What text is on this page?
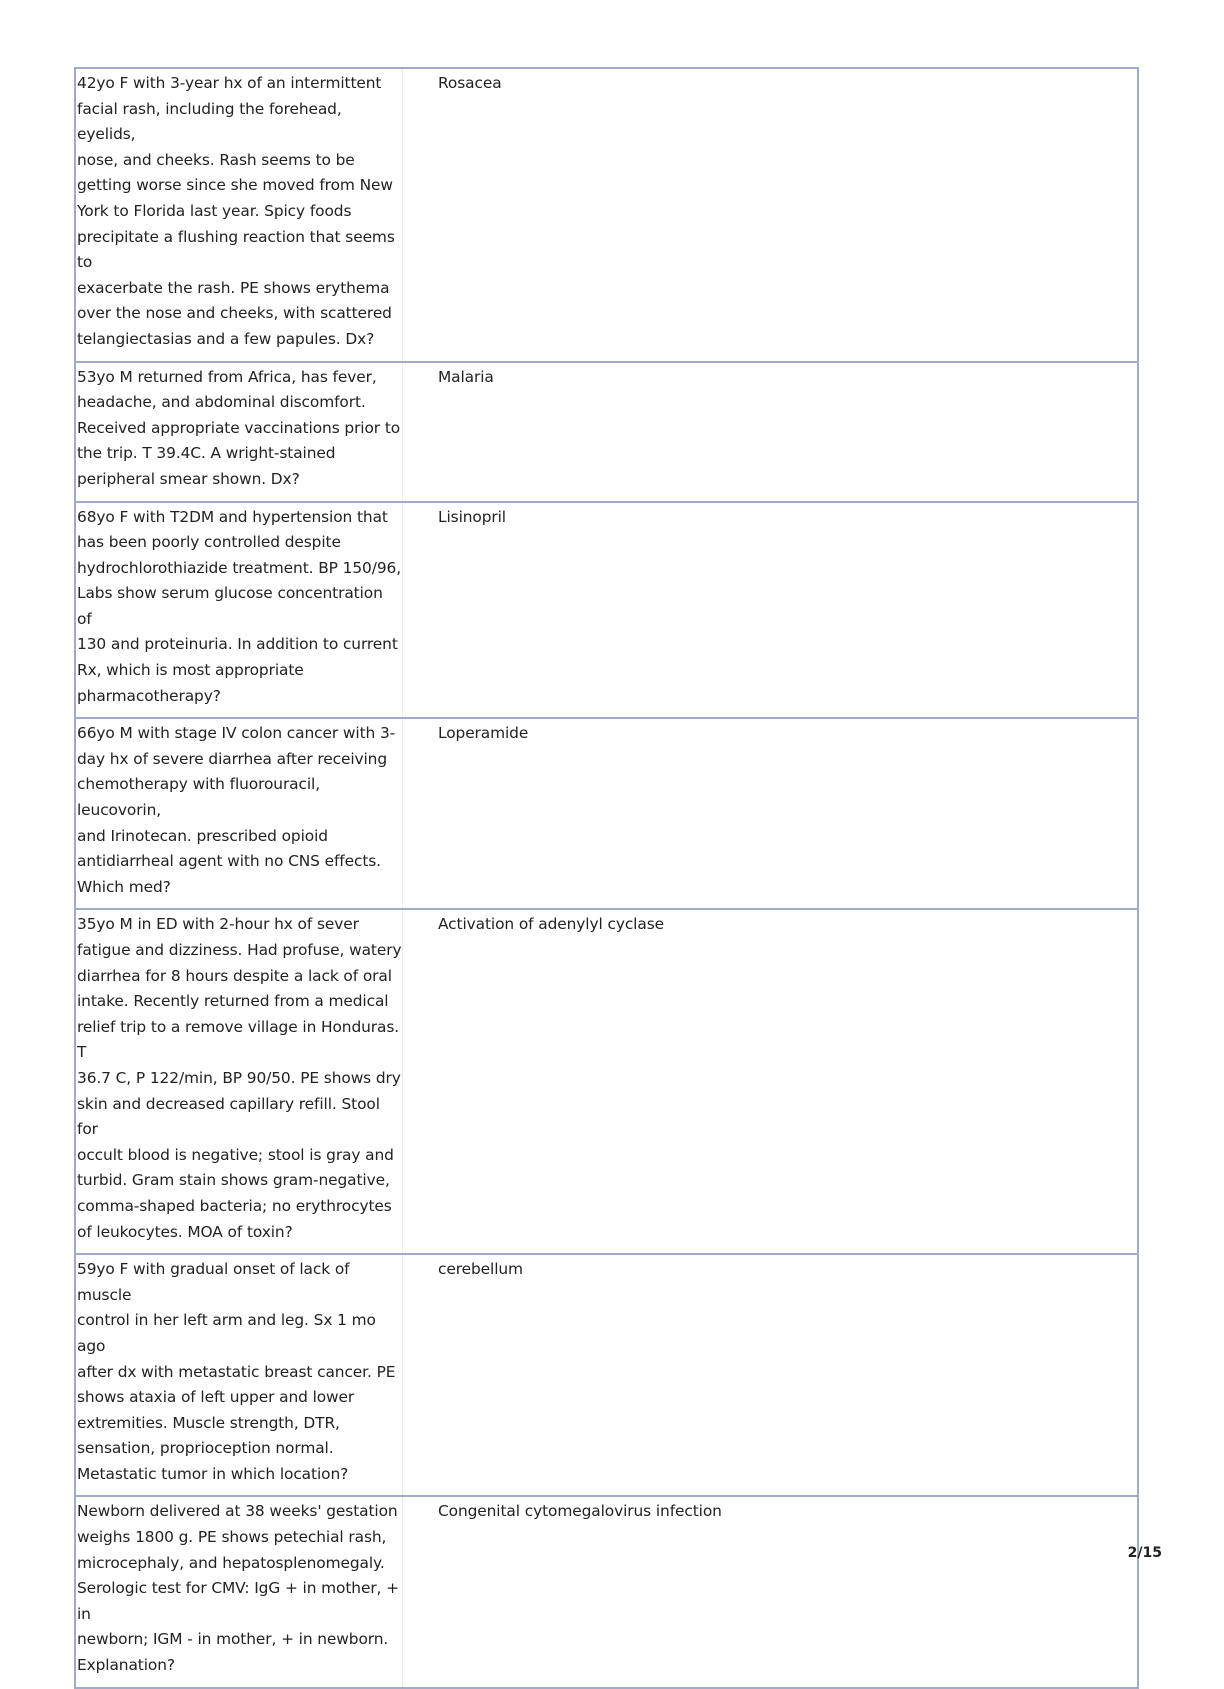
42yo F with 3-year hx of an intermittent
facial rash, including the forehead, eyelids,
nose, and cheeks. Rash seems to be
getting worse since she moved from New
York to Florida last year. Spicy foods
precipitate a flushing reaction that seems to
exacerbate the rash. PE shows erythema
over the nose and cheeks, with scattered
telangiectasias and a few papules. Dx?
Rosacea
53yo M returned from Africa, has fever,
headache, and abdominal discomfort.
Received appropriate vaccinations prior to
the trip. T 39.4C. A wright-stained
peripheral smear shown. Dx?
Malaria
68yo F with T2DM and hypertension that
has been poorly controlled despite
hydrochlorothiazide treatment. BP 150/96,
Labs show serum glucose concentration of
130 and proteinuria. In addition to current
Rx, which is most appropriate
pharmacotherapy?
Lisinopril
66yo M with stage IV colon cancer with 3-
day hx of severe diarrhea after receiving
chemotherapy with fluorouracil, leucovorin,
and Irinotecan. prescribed opioid
antidiarrheal agent with no CNS effects.
Which med?
Loperamide
35yo M in ED with 2-hour hx of sever
fatigue and dizziness. Had profuse, watery
diarrhea for 8 hours despite a lack of oral
intake. Recently returned from a medical
relief trip to a remove village in Honduras. T
36.7 C, P 122/min, BP 90/50. PE shows dry
skin and decreased capillary refill. Stool for
occult blood is negative; stool is gray and
turbid. Gram stain shows gram-negative,
comma-shaped bacteria; no erythrocytes
of leukocytes. MOA of toxin?
Activation of adenylyl cyclase
59yo F with gradual onset of lack of muscle
control in her left arm and leg. Sx 1 mo ago
after dx with metastatic breast cancer. PE
shows ataxia of left upper and lower
extremities. Muscle strength, DTR,
sensation, proprioception normal.
Metastatic tumor in which location?
cerebellum
Newborn delivered at 38 weeks' gestation
weighs 1800 g. PE shows petechial rash,
microcephaly, and hepatosplenomegaly.
Serologic test for CMV: IgG + in mother, + in
newborn; IGM - in mother, + in newborn.
Explanation?
Congenital cytomegalovirus infection
2/15
